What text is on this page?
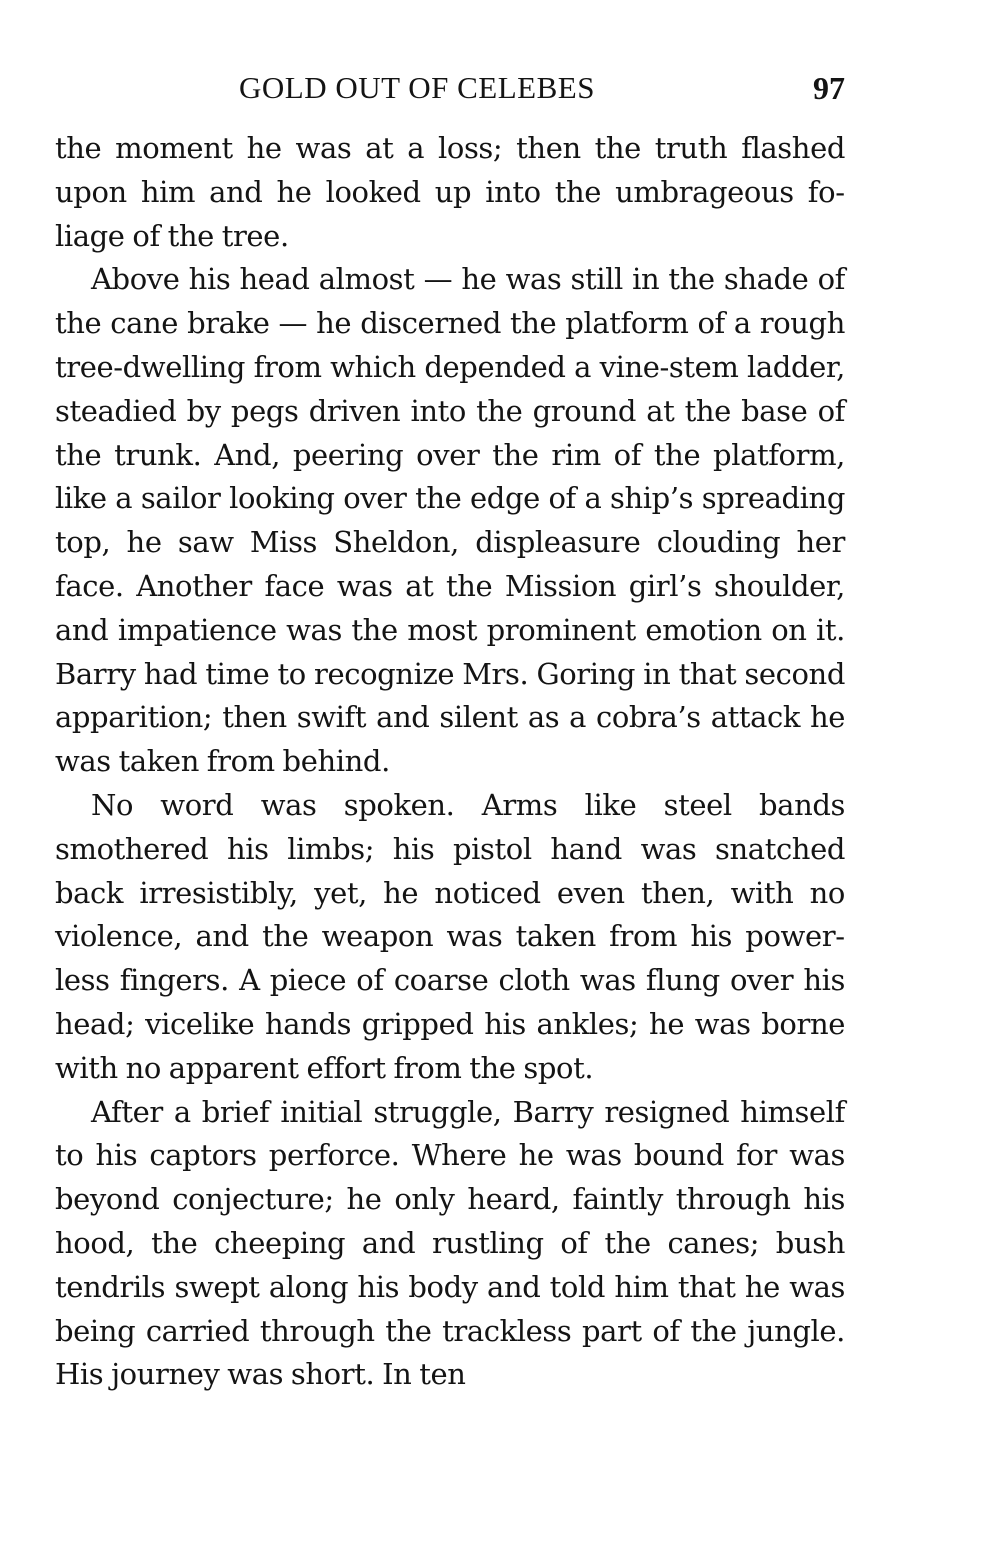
GOLD OUT OF CELEBES	97

the moment he was at a loss; then the truth flashed upon him and he looked up into the umbrageous foliage of the tree.

Above his head almost — he was still in the shade of the cane brake — he discerned the platform of a rough tree-dwelling from which depended a vine-stem ladder, steadied by pegs driven into the ground at the base of the trunk. And, peering over the rim of the platform, like a sailor looking over the edge of a ship’s spreading top, he saw Miss Sheldon, displeasure clouding her face. Another face was at the Mission girl’s shoulder, and impatience was the most prominent emotion on it. Barry had time to recognize Mrs. Goring in that second apparition; then swift and silent as a cobra’s attack he was taken from behind.

No word was spoken. Arms like steel bands smothered his limbs; his pistol hand was snatched back irresistibly, yet, he noticed even then, with no violence, and the weapon was taken from his powerless fingers. A piece of coarse cloth was flung over his head; vicelike hands gripped his ankles; he was borne with no apparent effort from the spot.

After a brief initial struggle, Barry resigned himself to his captors perforce. Where he was bound for was beyond conjecture; he only heard, faintly through his hood, the cheeping and rustling of the canes; bush tendrils swept along his body and told him that he was being carried through the trackless part of the jungle. His journey was short. In ten
